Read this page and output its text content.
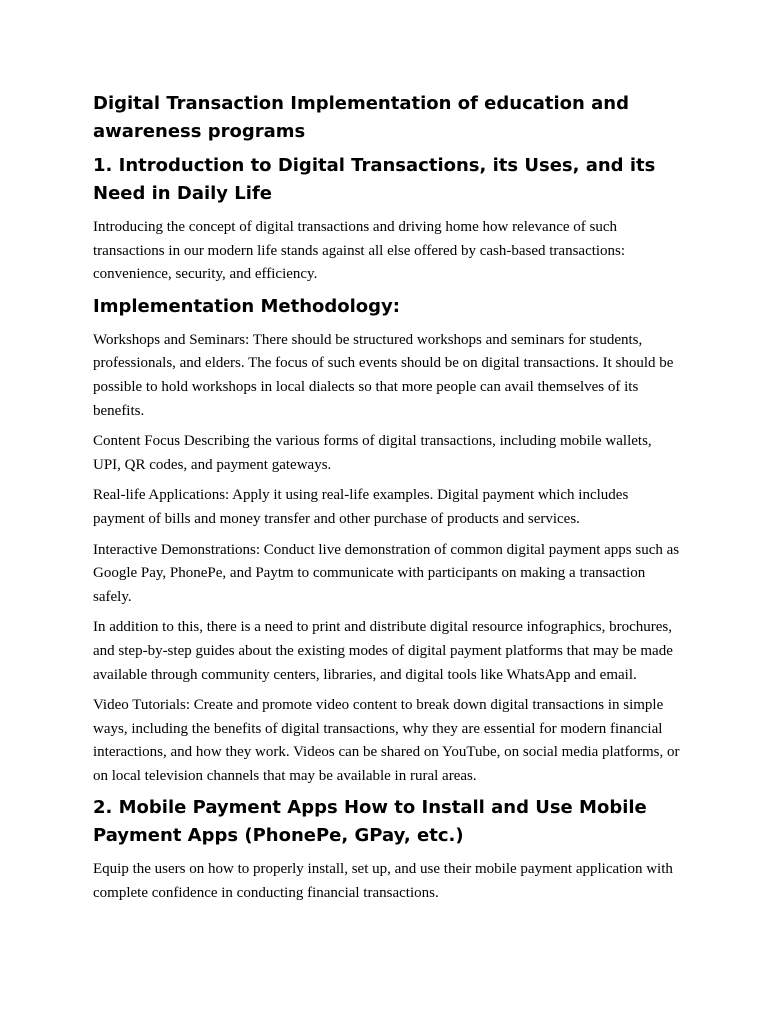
Digital Transaction Implementation of education and awareness programs
1. Introduction to Digital Transactions, its Uses, and its Need in Daily Life

Introducing the concept of digital transactions and driving home how relevance of such transactions in our modern life stands against all else offered by cash-based transactions: convenience, security, and efficiency.

Implementation Methodology:

Workshops and Seminars: There should be structured workshops and seminars for students, professionals, and elders. The focus of such events should be on digital transactions. It should be possible to hold workshops in local dialects so that more people can avail themselves of its benefits.

Content Focus Describing the various forms of digital transactions, including mobile wallets, UPI, QR codes, and payment gateways.

Real-life Applications: Apply it using real-life examples. Digital payment which includes payment of bills and money transfer and other purchase of products and services.

Interactive Demonstrations: Conduct live demonstration of common digital payment apps such as Google Pay, PhonePe, and Paytm to communicate with participants on making a transaction safely.

In addition to this, there is a need to print and distribute digital resource infographics, brochures, and step-by-step guides about the existing modes of digital payment platforms that may be made available through community centers, libraries, and digital tools like WhatsApp and email.

Video Tutorials: Create and promote video content to break down digital transactions in simple ways, including the benefits of digital transactions, why they are essential for modern financial interactions, and how they work. Videos can be shared on YouTube, on social media platforms, or on local television channels that may be available in rural areas.

2. Mobile Payment Apps How to Install and Use Mobile Payment Apps (PhonePe, GPay, etc.)

Equip the users on how to properly install, set up, and use their mobile payment application with complete confidence in conducting financial transactions.
